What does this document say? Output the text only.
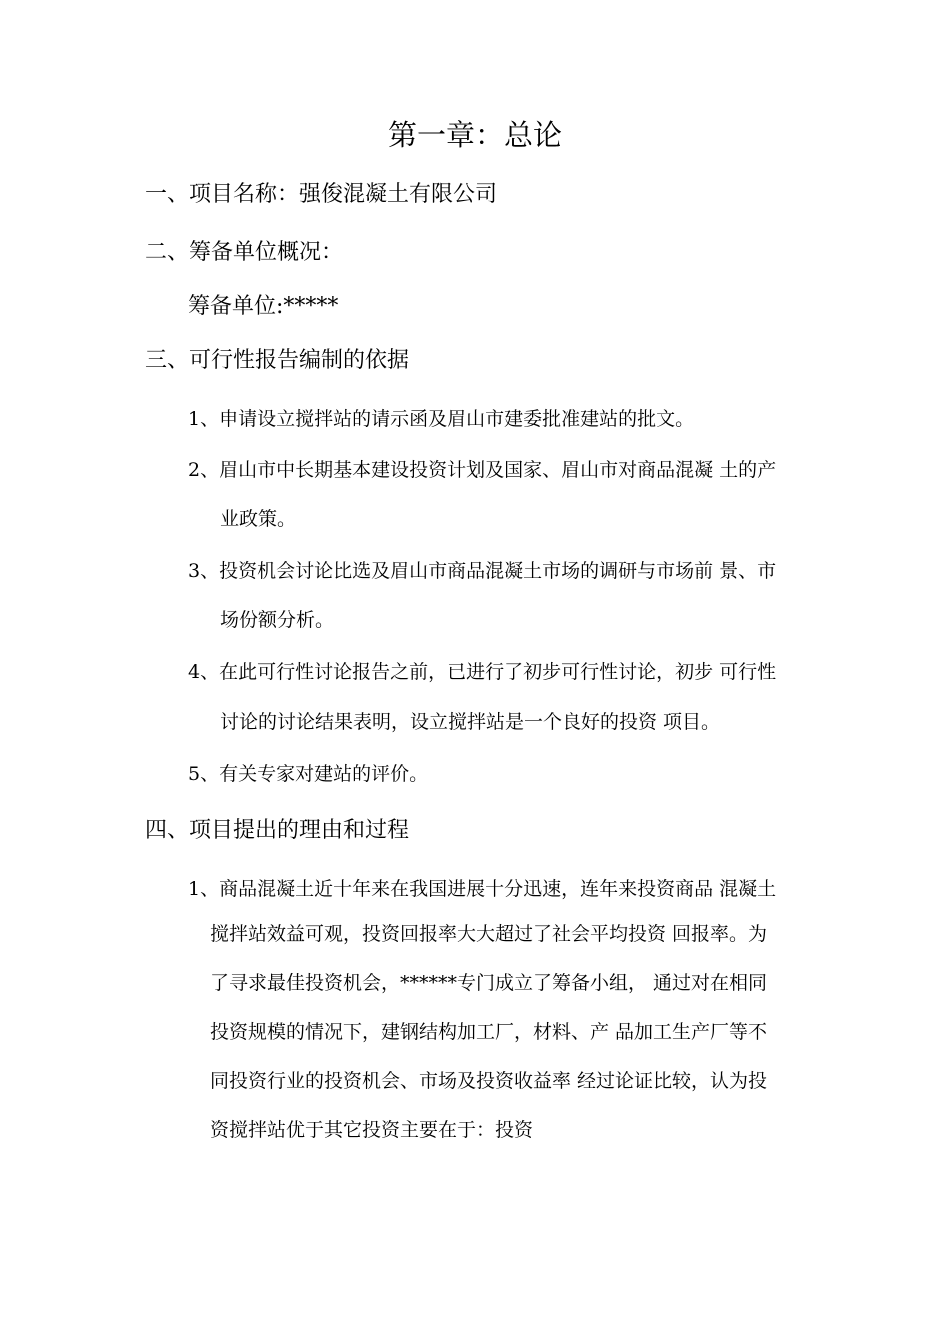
第一章：总论
一、项目名称：强俊混凝土有限公司
二、筹备单位概况：
筹备单位:*****
三、可行性报告编制的依据
1、申请设立搅拌站的请示函及眉山市建委批准建站的批文。
2、眉山市中长期基本建设投资计划及国家、眉山市对商品混凝 土的产
业政策。
3、投资机会讨论比选及眉山市商品混凝土市场的调研与市场前 景、市
场份额分析。
4、在此可行性讨论报告之前，已进行了初步可行性讨论，初步 可行性
讨论的讨论结果表明，设立搅拌站是一个良好的投资 项目。
5、有关专家对建站的评价。
四、项目提出的理由和过程
1、商品混凝土近十年来在我国进展十分迅速，连年来投资商品 混凝土
搅拌站效益可观，投资回报率大大超过了社会平均投资 回报率。为
了寻求最佳投资机会，******专门成立了筹备小组， 通过对在相同
投资规模的情况下，建钢结构加工厂，材料、产 品加工生产厂等不
同投资行业的投资机会、市场及投资收益率 经过论证比较，认为投
资搅拌站优于其它投资主要在于：投资
